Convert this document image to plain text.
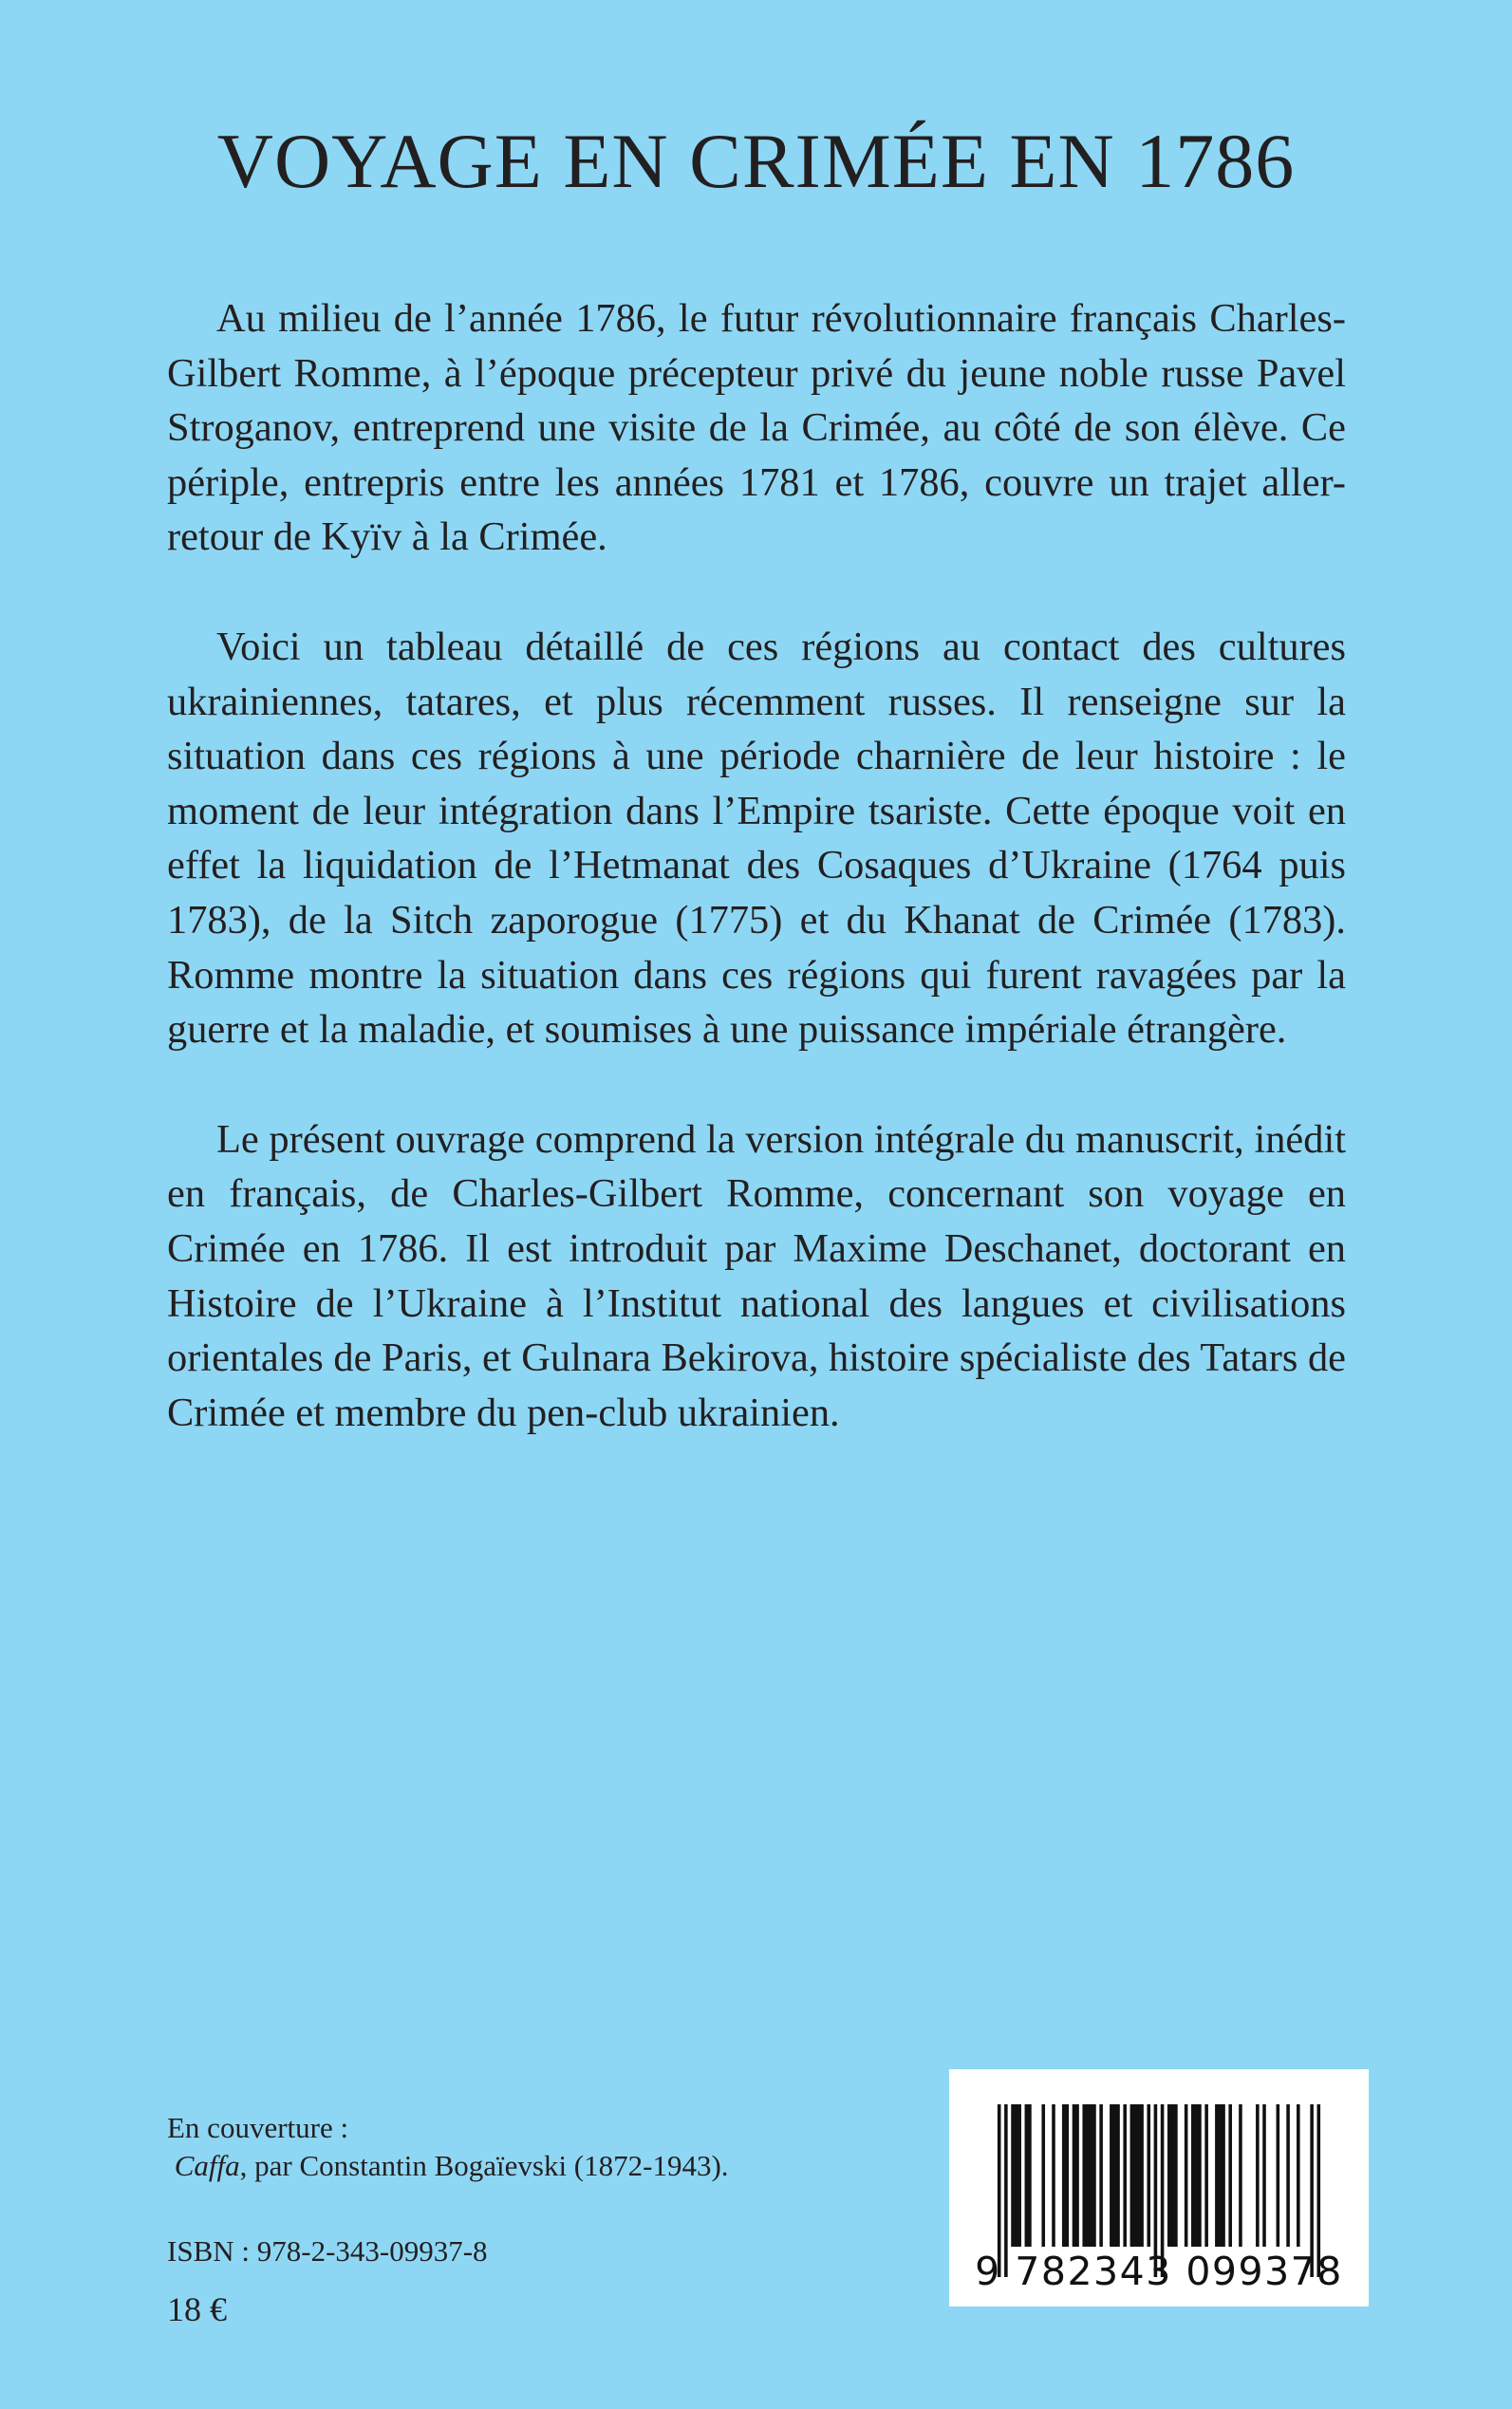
VOYAGE EN CRIMÉE EN 1786

Au milieu de l’année 1786, le futur révolutionnaire français Charles-Gilbert Romme, à l’époque précepteur privé du jeune noble russe Pavel Stroganov, entreprend une visite de la Crimée, au côté de son élève. Ce périple, entrepris entre les années 1781 et 1786, couvre un trajet aller-retour de Kyïv à la Crimée.

Voici un tableau détaillé de ces régions au contact des cultures ukrainiennes, tatares, et plus récemment russes. Il renseigne sur la situation dans ces régions à une période charnière de leur histoire : le moment de leur intégration dans l’Empire tsariste. Cette époque voit en effet la liquidation de l’Hetmanat des Cosaques d’Ukraine (1764 puis 1783), de la Sitch zaporogue (1775) et du Khanat de Crimée (1783). Romme montre la situation dans ces régions qui furent ravagées par la guerre et la maladie, et soumises à une puissance impériale étrangère.

Le présent ouvrage comprend la version intégrale du manuscrit, inédit en français, de Charles-Gilbert Romme, concernant son voyage en Crimée en 1786. Il est introduit par Maxime Deschanet, doctorant en Histoire de l’Ukraine à l’Institut national des langues et civilisations orientales de Paris, et Gulnara Bekirova, histoire spécialiste des Tatars de Crimée et membre du pen-club ukrainien.

En couverture :
Caffa, par Constantin Bogaïevski (1872-1943).
ISBN : 978-2-343-09937-8
18 €
9 782343 099378
